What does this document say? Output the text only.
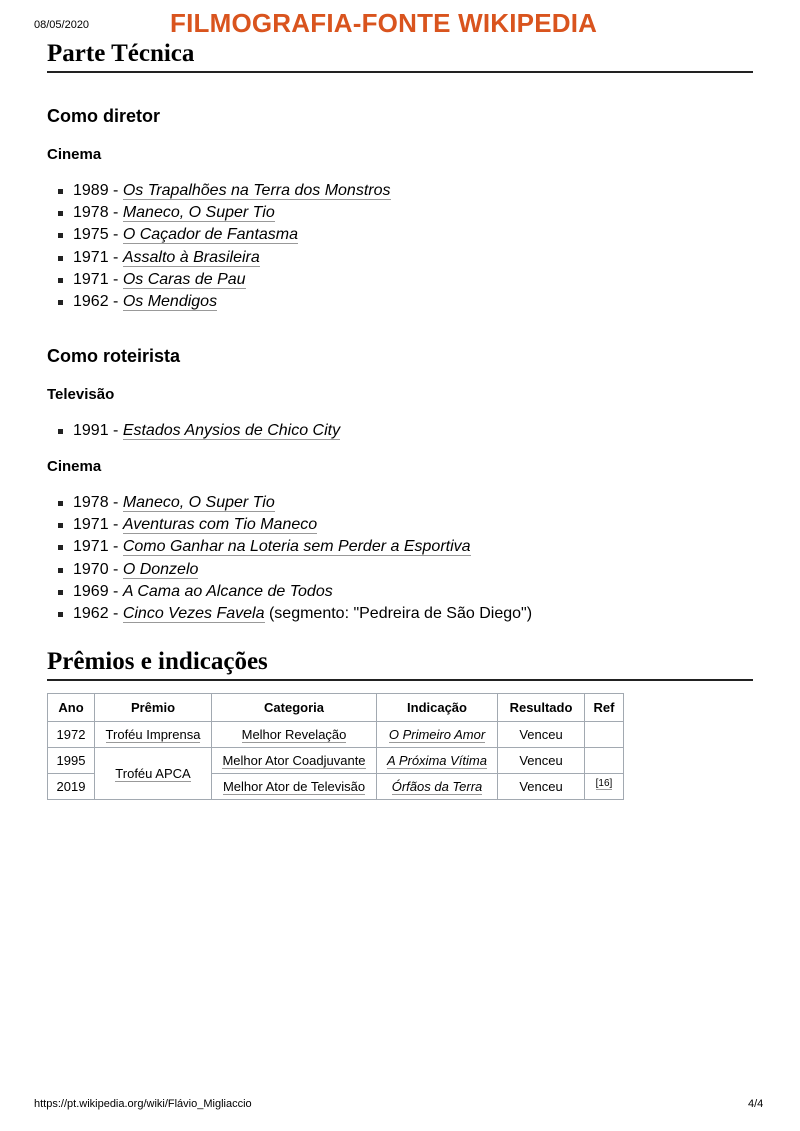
08/05/2020	FILMOGRAFIA-FONTE WIKIPEDIA
Parte Técnica
Como diretor
Cinema
1989 - Os Trapalhões na Terra dos Monstros
1978 - Maneco, O Super Tio
1975 - O Caçador de Fantasma
1971 - Assalto à Brasileira
1971 - Os Caras de Pau
1962 - Os Mendigos
Como roteirista
Televisão
1991 - Estados Anysios de Chico City
Cinema
1978 - Maneco, O Super Tio
1971 - Aventuras com Tio Maneco
1971 - Como Ganhar na Loteria sem Perder a Esportiva
1970 - O Donzelo
1969 - A Cama ao Alcance de Todos
1962 - Cinco Vezes Favela (segmento: "Pedreira de São Diego")
Prêmios e indicações
Ano	Prêmio	Categoria	Indicação	Resultado	Ref
1972	Troféu Imprensa	Melhor Revelação	O Primeiro Amor	Venceu	
1995	Troféu APCA	Melhor Ator Coadjuvante	A Próxima Vítima	Venceu	
2019		Melhor Ator de Televisão	Órfãos da Terra	Venceu	[16]
https://pt.wikipedia.org/wiki/Flávio_Migliaccio	4/4
